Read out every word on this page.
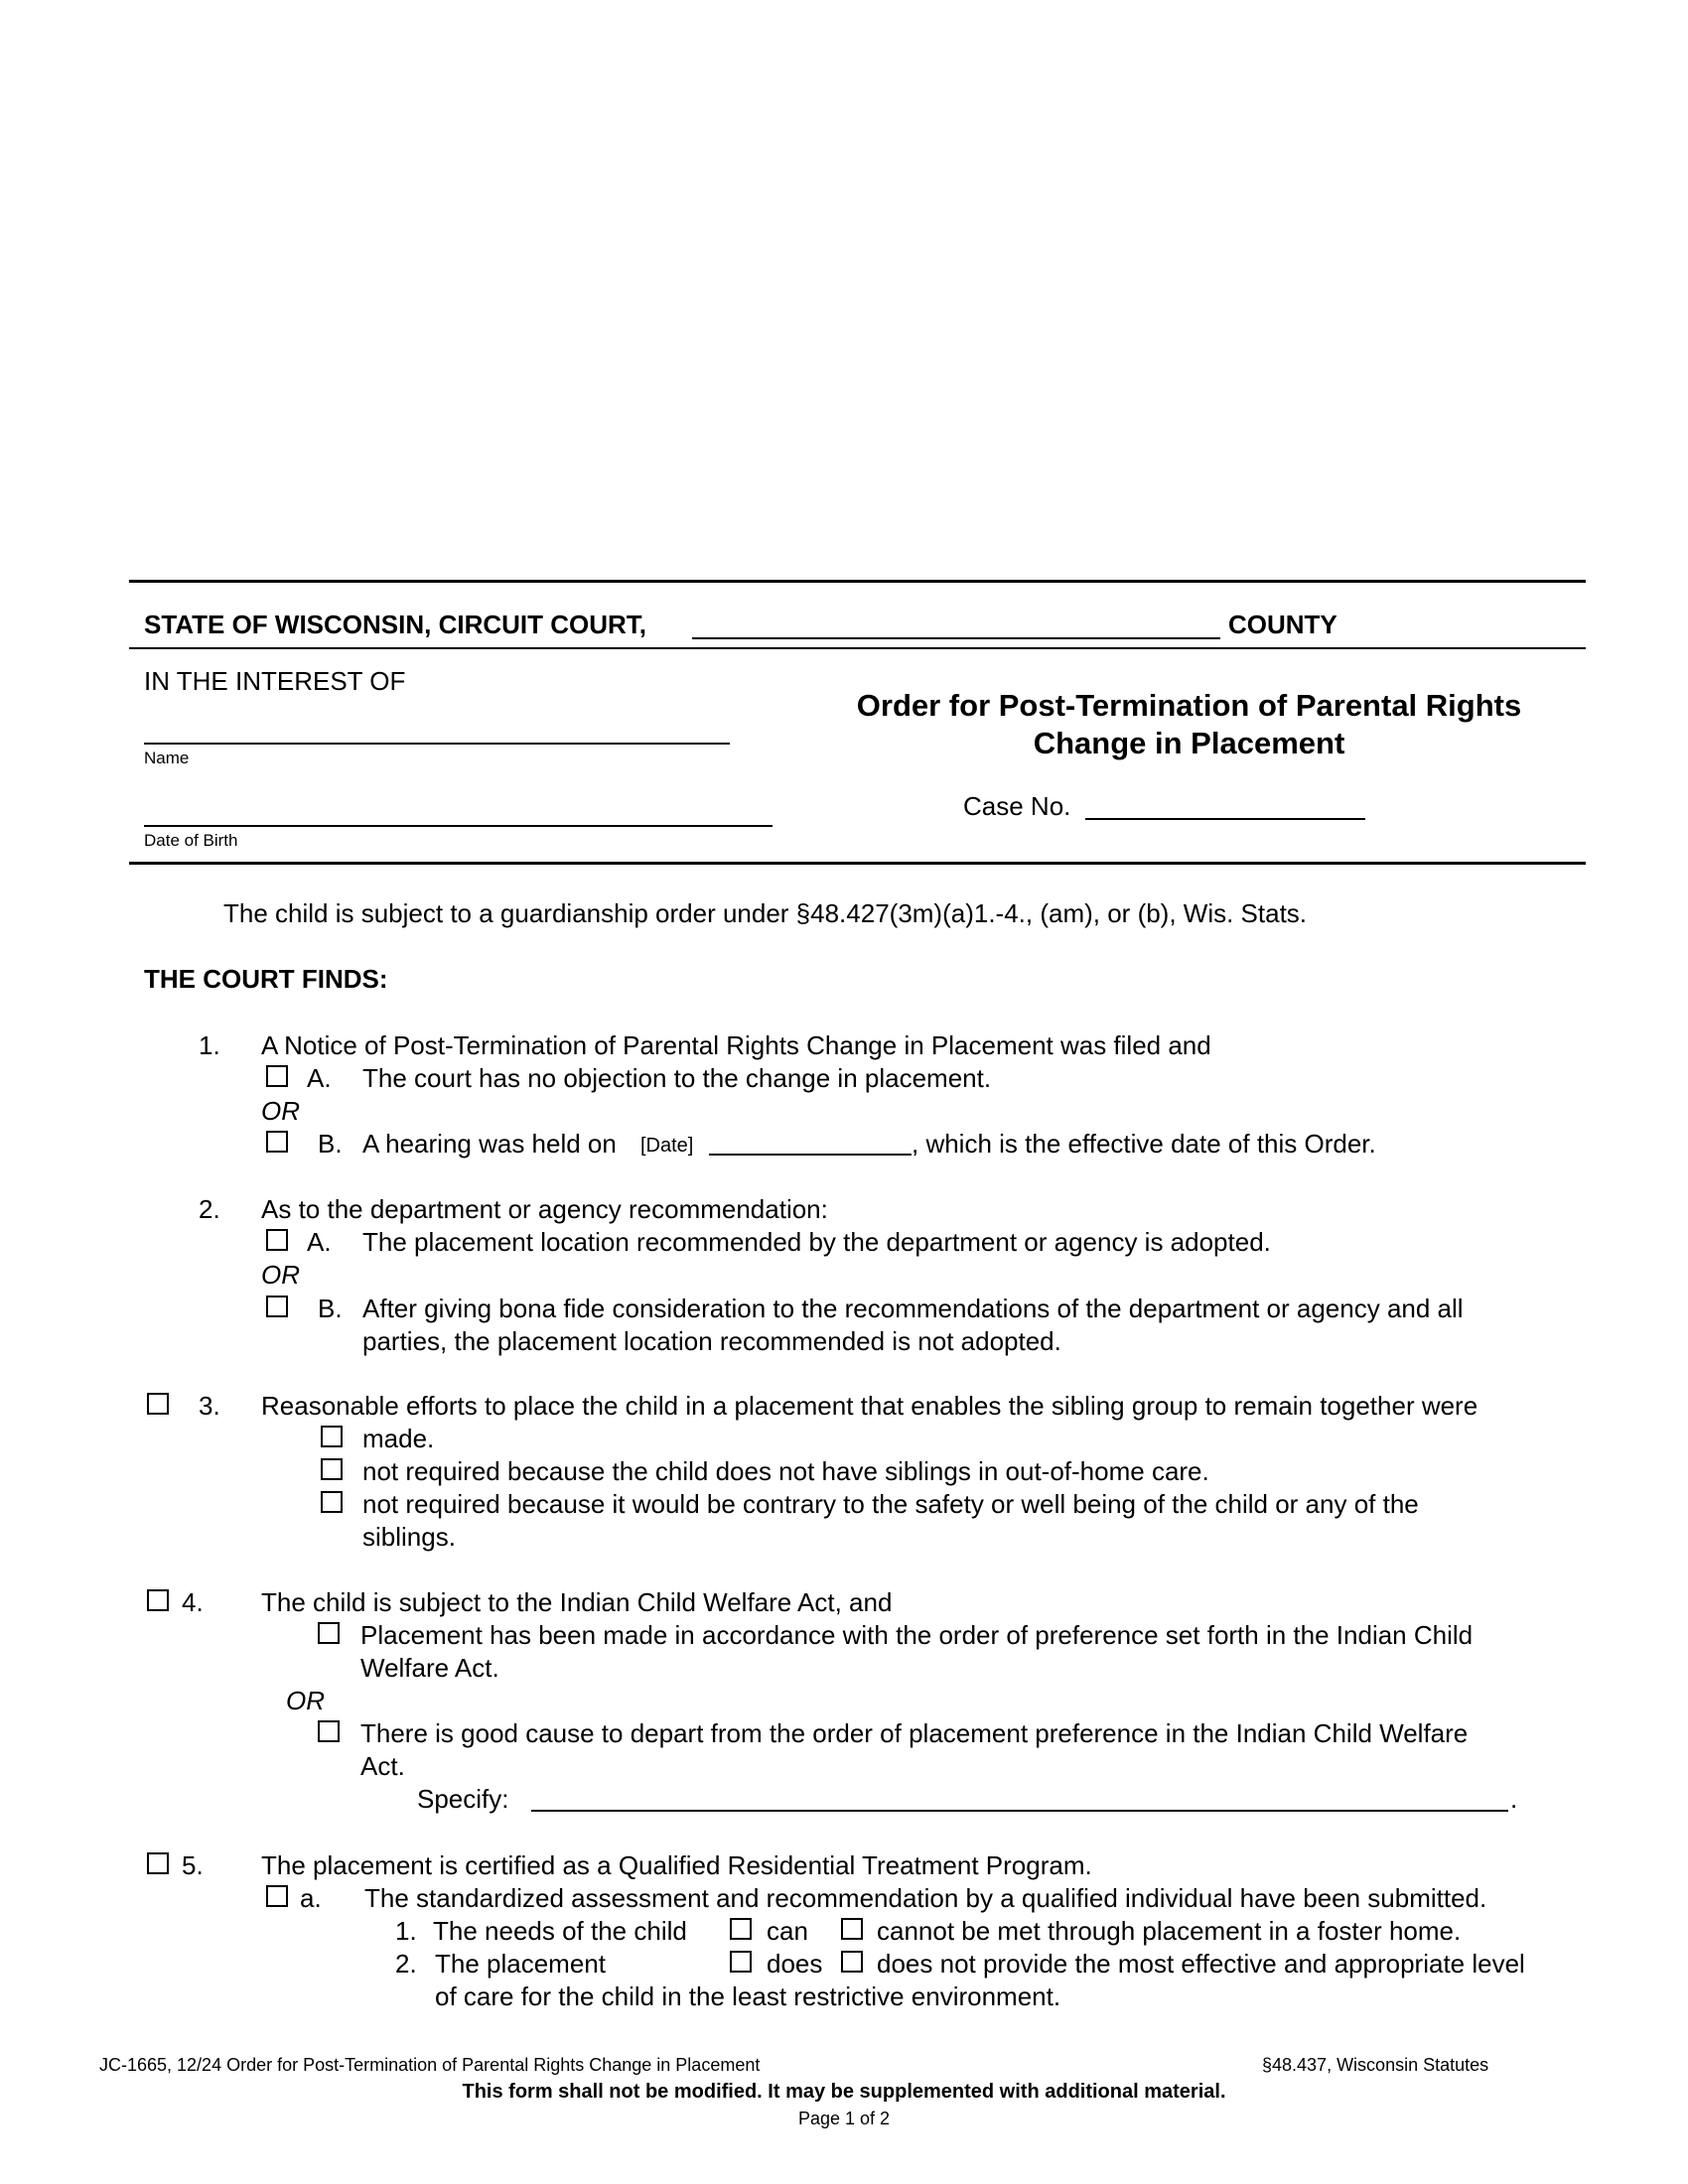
STATE OF WISCONSIN, CIRCUIT COURT,	COUNTY
IN THE INTEREST OF
Name
Date of Birth
Order for Post-Termination of Parental Rights
Change in Placement
Case No.
The child is subject to a guardianship order under §48.427(3m)(a)1.-4., (am), or (b), Wis. Stats.
THE COURT FINDS:
1. A Notice of Post-Termination of Parental Rights Change in Placement was filed and
A. The court has no objection to the change in placement.
OR
B. A hearing was held on [Date]	, which is the effective date of this Order.
2. As to the department or agency recommendation:
A. The placement location recommended by the department or agency is adopted.
OR
B. After giving bona fide consideration to the recommendations of the department or agency and all
parties, the placement location recommended is not adopted.
3. Reasonable efforts to place the child in a placement that enables the sibling group to remain together were
made.
not required because the child does not have siblings in out-of-home care.
not required because it would be contrary to the safety or well being of the child or any of the
siblings.
4. The child is subject to the Indian Child Welfare Act, and
Placement has been made in accordance with the order of preference set forth in the Indian Child
Welfare Act.
OR
There is good cause to depart from the order of placement preference in the Indian Child Welfare
Act.
Specify:	.
5. The placement is certified as a Qualified Residential Treatment Program.
a. The standardized assessment and recommendation by a qualified individual have been submitted.
1. The needs of the child	can	cannot be met through placement in a foster home.
2. The placement	does does not provide the most effective and appropriate level
of care for the child in the least restrictive environment.
JC-1665, 12/24 Order for Post-Termination of Parental Rights Change in Placement	§48.437, Wisconsin Statutes
This form shall not be modified. It may be supplemented with additional material.
Page 1 of 2
